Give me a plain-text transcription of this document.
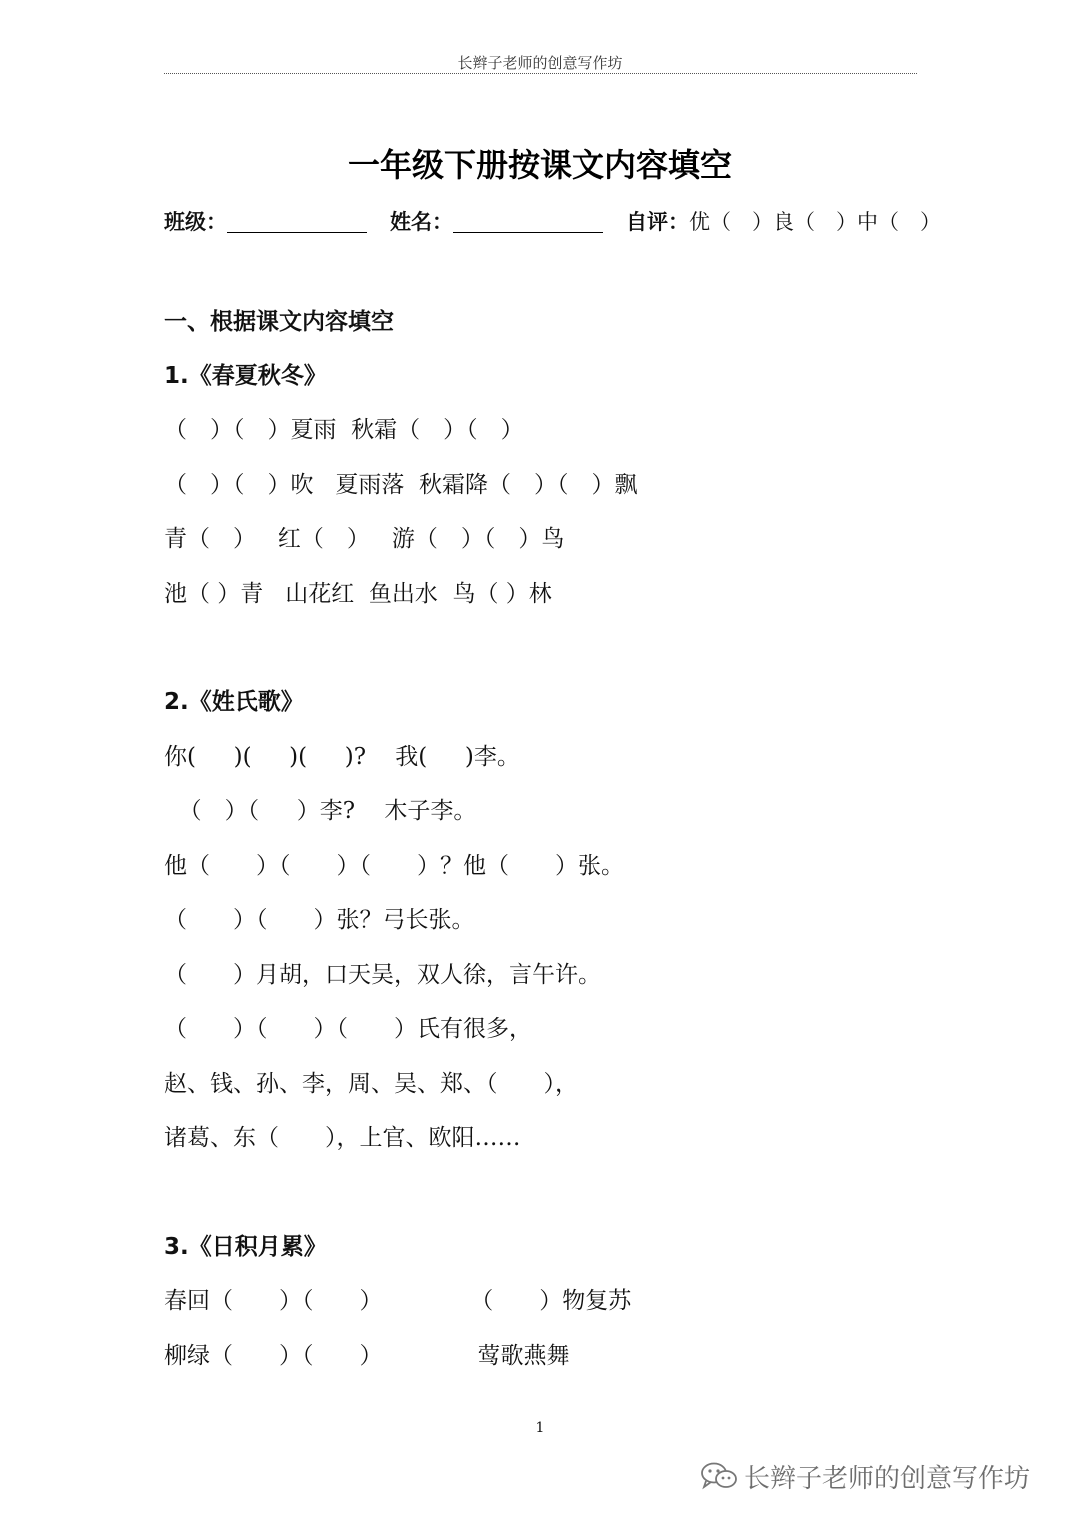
长辫子老师的创意写作坊
一年级下册按课文内容填空
班级：	姓名：	自评：优（　）良（　）中（　）
一、根据课文内容填空
1.《春夏秋冬》
（　）（　）夏雨  秋霜（　）（　）
（　）（　）吹   夏雨落  秋霜降（　）（　）飘
青（　）   红（　）   游（　）（　）鸟
池（ ）青   山花红  鱼出水  鸟（ ）林
2.《姓氏歌》
你(　  )(　  )(　  )?    我(　  )李。
（　）（　  ）李?    木子李。
他（　　）（　　）（　　）？他（　　）张。
（　　）（　　）张？弓长张。
（　　）月胡，口天吴，双人徐，言午许。
（　　）（　　）（　　）氏有很多，
赵、钱、孙、李，周、吴、郑、（　　），
诸葛、东（　　），上官、欧阳……
3.《日积月累》
春回（　　）（　　）            （　　）物复苏
柳绿（　　）（　　）             莺歌燕舞
1
长辫子老师的创意写作坊
